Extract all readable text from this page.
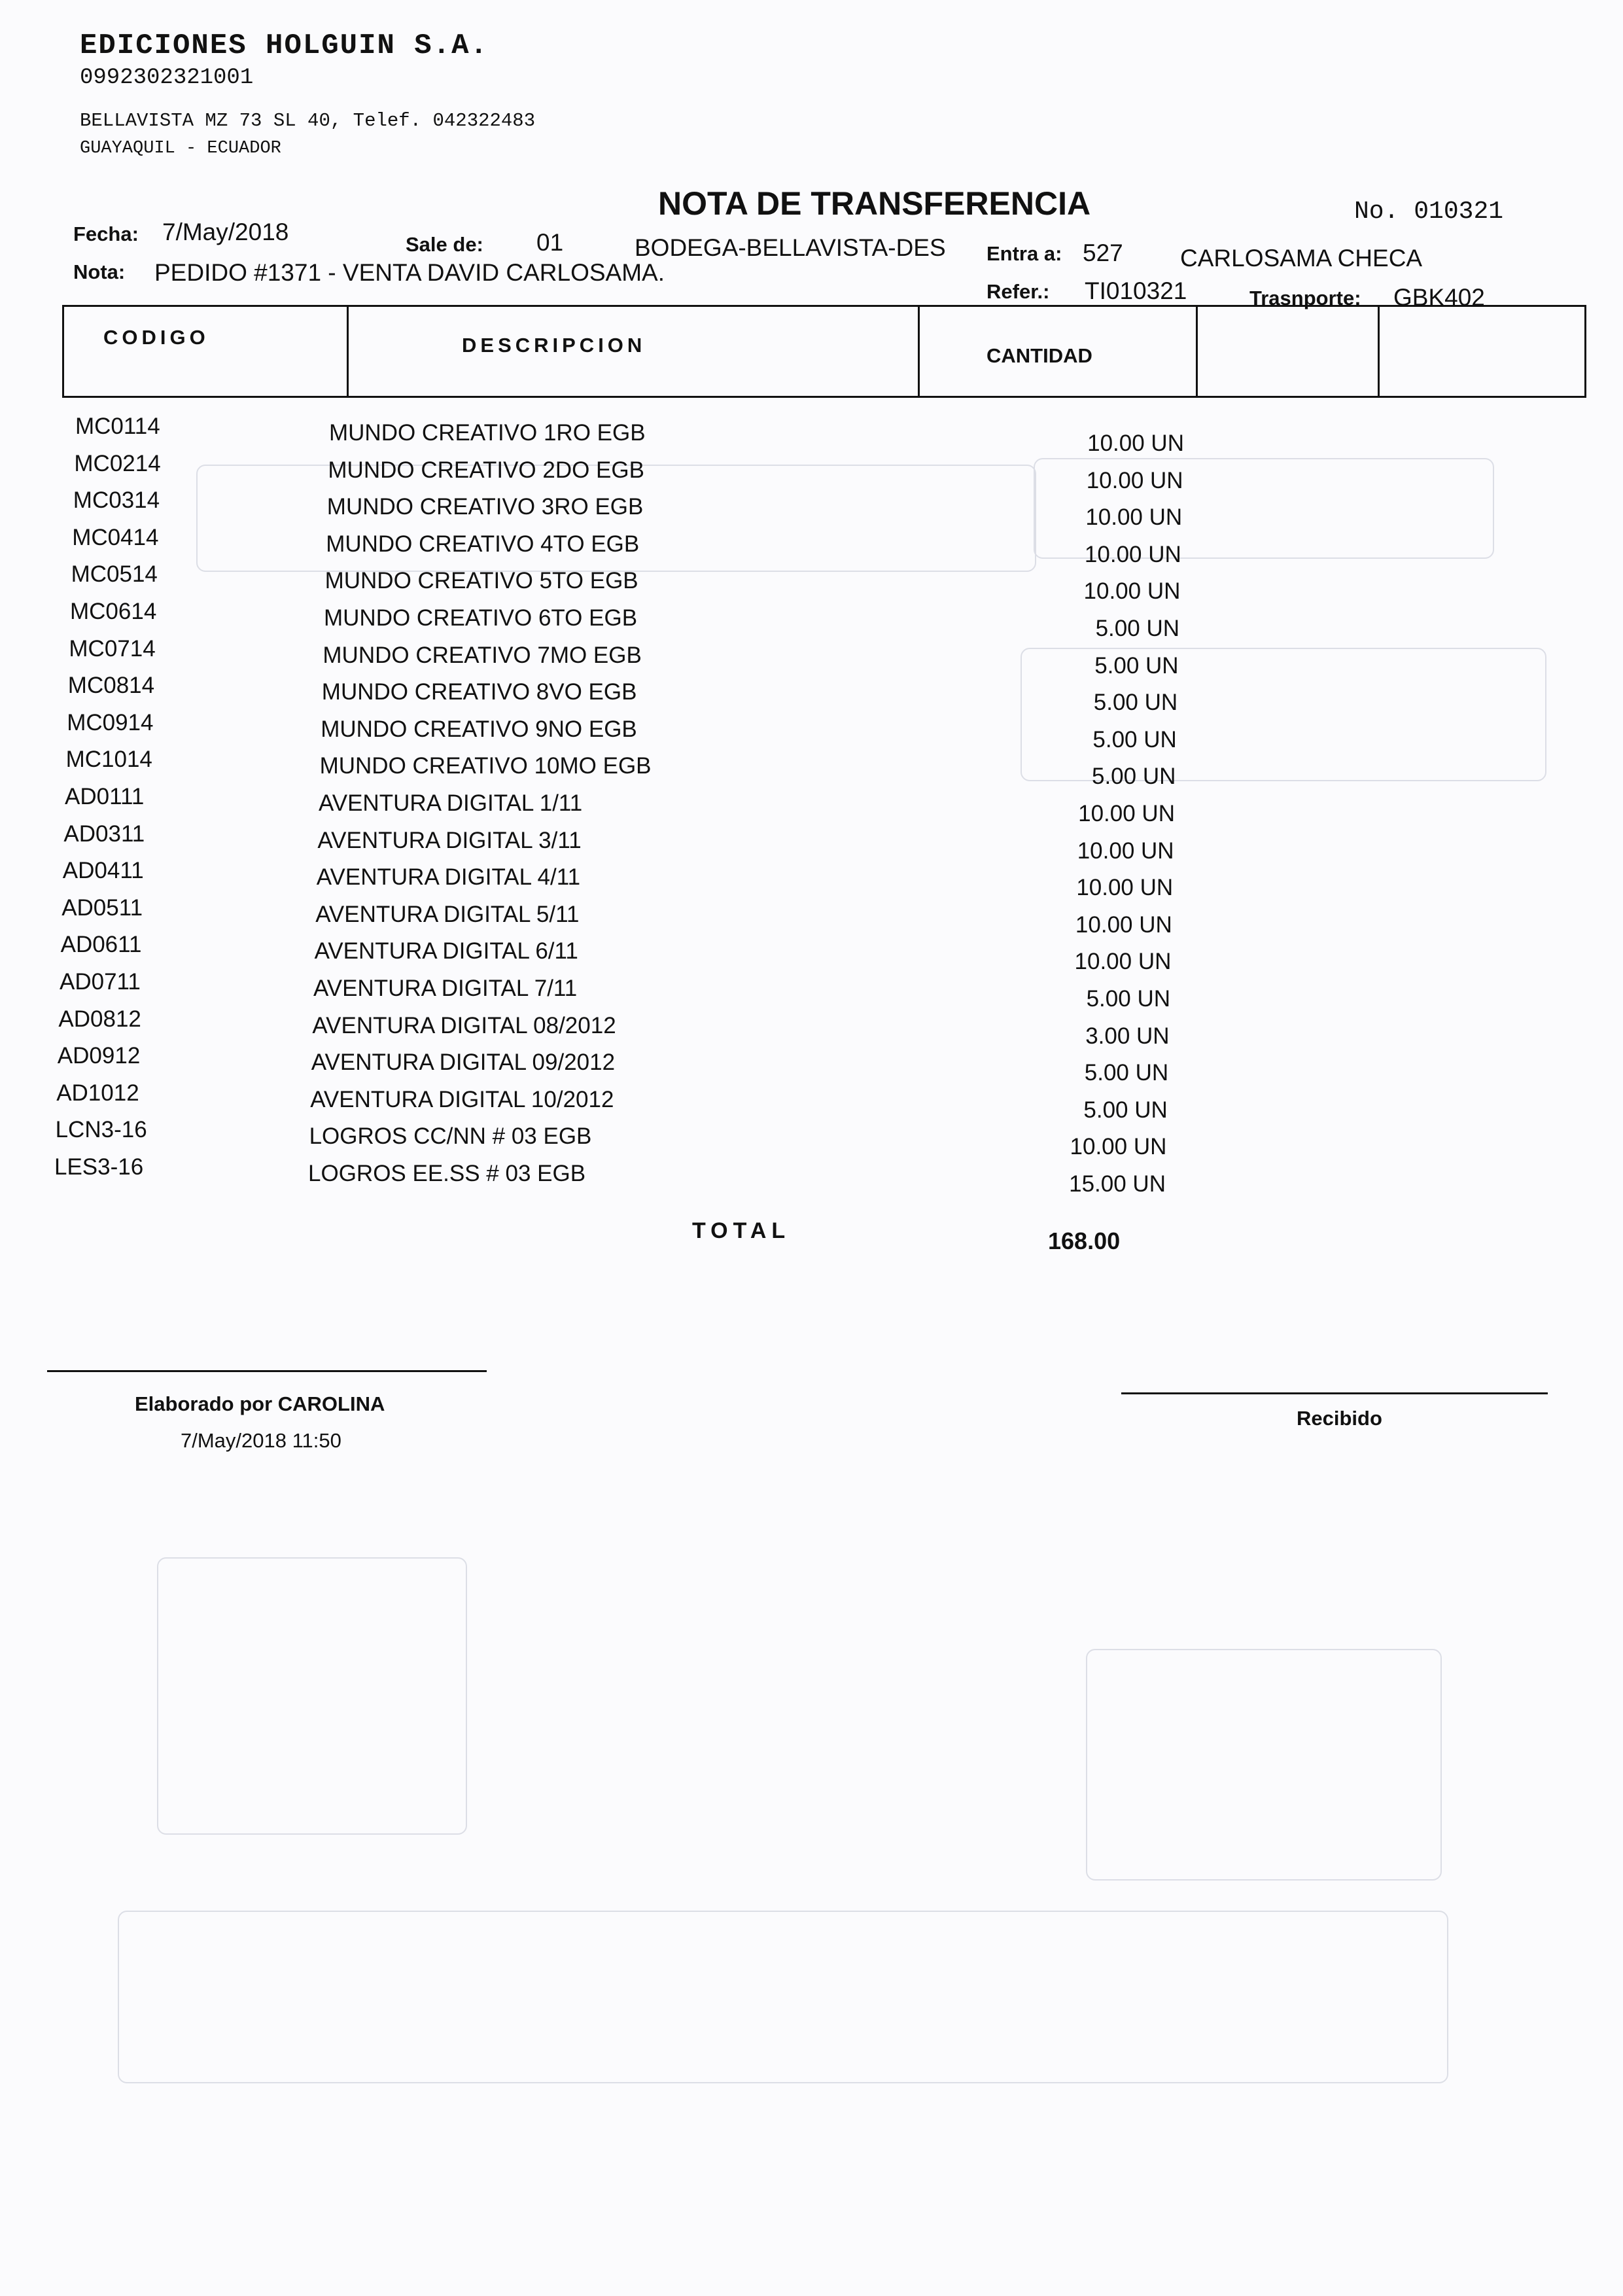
EDICIONES HOLGUIN S.A.
0992302321001
BELLAVISTA MZ 73 SL 40, Telef. 042322483
GUAYAQUIL - ECUADOR
NOTA DE TRANSFERENCIA	No. 010321
Fecha: 7/May/2018	Sale de: 01	BODEGA-BELLAVISTA-DES Entra a: 527 CARLOSAMA CHECA
Nota: PEDIDO #1371 - VENTA DAVID CARLOSAMA.
Refer.: TI010321	Trasnporte: GBK402
CODIGO	DESCRIPCION	CANTIDAD
MC0114	MUNDO CREATIVO 1RO EGB	10.00 UN
MC0214	MUNDO CREATIVO 2DO EGB	10.00 UN
MC0314	MUNDO CREATIVO 3RO EGB	10.00 UN
MC0414	MUNDO CREATIVO 4TO EGB	10.00 UN
MC0514	MUNDO CREATIVO 5TO EGB	10.00 UN
MC0614	MUNDO CREATIVO 6TO EGB	5.00 UN
MC0714	MUNDO CREATIVO 7MO EGB	5.00 UN
MC0814	MUNDO CREATIVO 8VO EGB	5.00 UN
MC0914	MUNDO CREATIVO 9NO EGB	5.00 UN
MC1014	MUNDO CREATIVO 10MO EGB	5.00 UN
AD0111	AVENTURA DIGITAL 1/11	10.00 UN
AD0311	AVENTURA DIGITAL 3/11	10.00 UN
AD0411	AVENTURA DIGITAL 4/11	10.00 UN
AD0511	AVENTURA DIGITAL 5/11	10.00 UN
AD0611	AVENTURA DIGITAL 6/11	10.00 UN
AD0711	AVENTURA DIGITAL 7/11	5.00 UN
AD0812	AVENTURA DIGITAL 08/2012	3.00 UN
AD0912	AVENTURA DIGITAL 09/2012	5.00 UN
AD1012	AVENTURA DIGITAL 10/2012	5.00 UN
LCN3-16	LOGROS CC/NN # 03 EGB	10.00 UN
LES3-16	LOGROS EE.SS # 03 EGB	15.00 UN
TOTAL	168.00
Elaborado por CAROLINA
7/May/2018 11:50
Recibido
